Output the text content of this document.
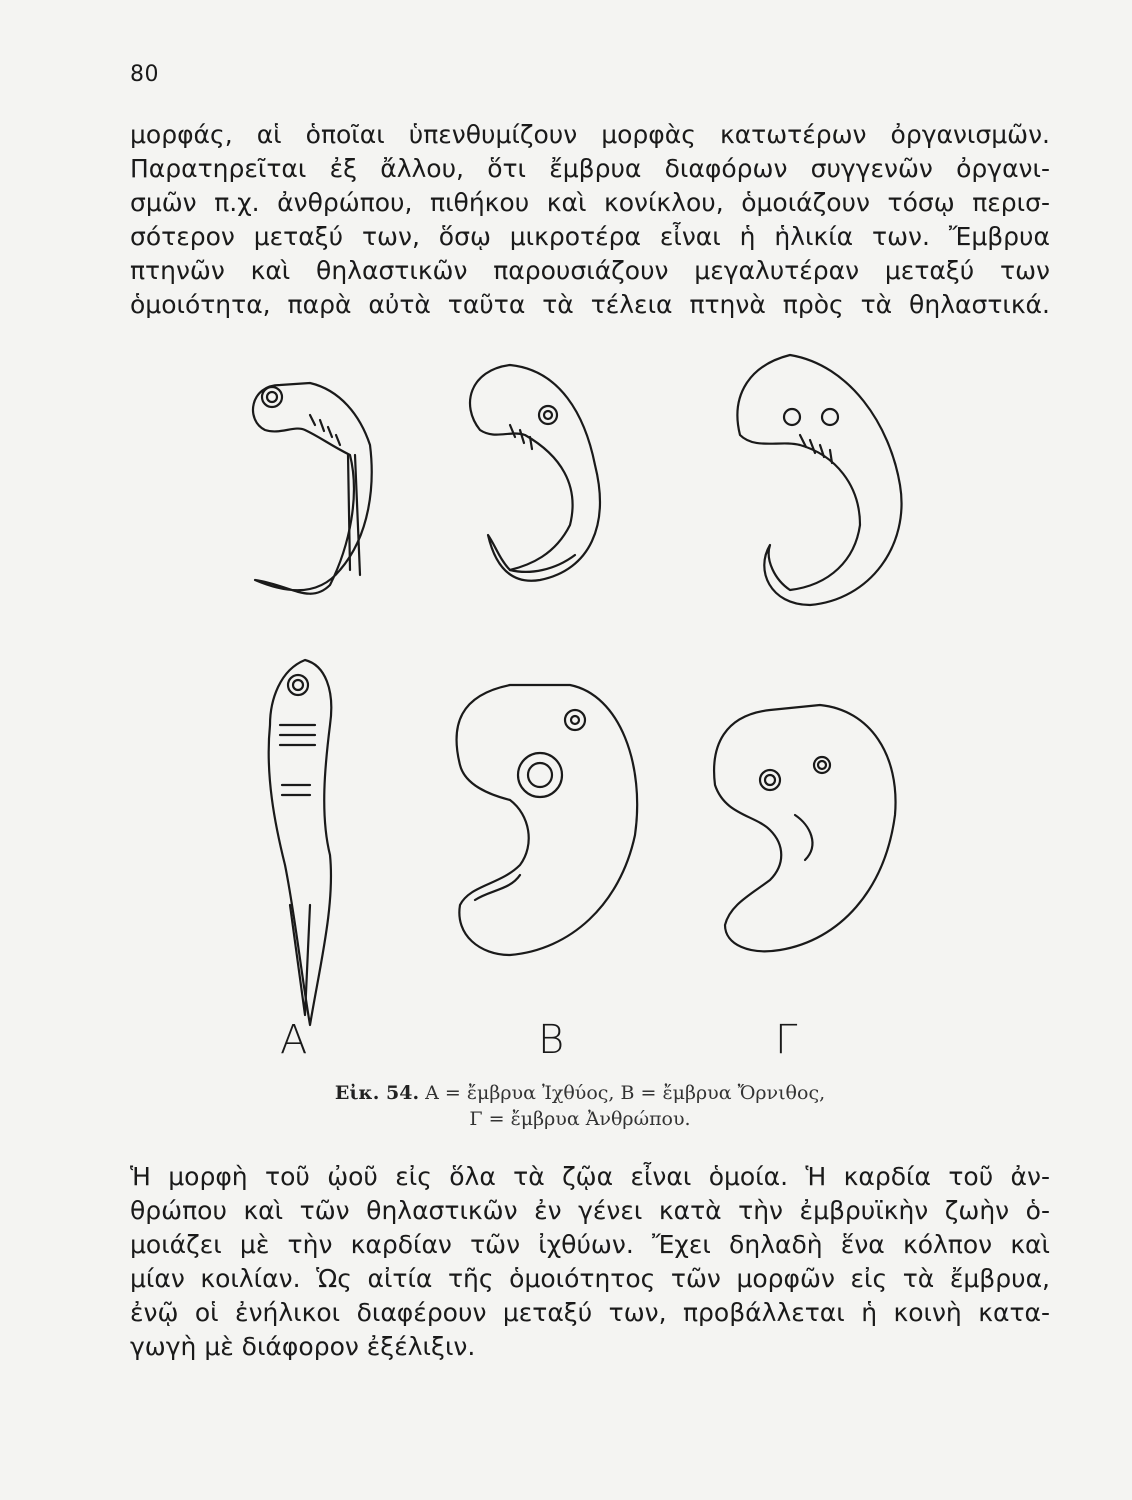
80
μορφάς, αἱ ὁποῖαι ὑπενθυμίζουν μορφὰς κατωτέρων ὀργανισμῶν.
Παρατηρεῖται ἐξ ἄλλου, ὅτι ἔμβρυα διαφόρων συγγενῶν ὀργανι-
σμῶν π.χ. ἀνθρώπου, πιθήκου καὶ κονίκλου, ὁμοιάζουν τόσῳ περισ-
σότερον μεταξύ των, ὅσῳ μικροτέρα εἶναι ἡ ἡλικία των. Ἔμβρυα
πτηνῶν καὶ θηλαστικῶν παρουσιάζουν μεγαλυτέραν μεταξύ των
ὁμοιότητα, παρὰ αὐτὰ ταῦτα τὰ τέλεια πτηνὰ πρὸς τὰ θηλαστικά.
Α	Β	Γ
Εἰκ. 54. Α = ἔμβρυα Ἰχθύος, Β = ἔμβρυα Ὄρνιθος,
Γ = ἔμβρυα Ἀνθρώπου.
Ἡ μορφὴ τοῦ ᾠοῦ εἰς ὅλα τὰ ζῷα εἶναι ὁμοία. Ἡ καρδία τοῦ ἀν-
θρώπου καὶ τῶν θηλαστικῶν ἐν γένει κατὰ τὴν ἐμβρυϊκὴν ζωὴν ὁ-
μοιάζει μὲ τὴν καρδίαν τῶν ἰχθύων. Ἔχει δηλαδὴ ἕνα κόλπον καὶ
μίαν κοιλίαν. Ὡς αἰτία τῆς ὁμοιότητος τῶν μορφῶν εἰς τὰ ἔμβρυα,
ἐνῷ οἱ ἐνήλικοι διαφέρουν μεταξύ των, προβάλλεται ἡ κοινὴ κατα-
γωγὴ μὲ διάφορον ἐξέλιξιν.
